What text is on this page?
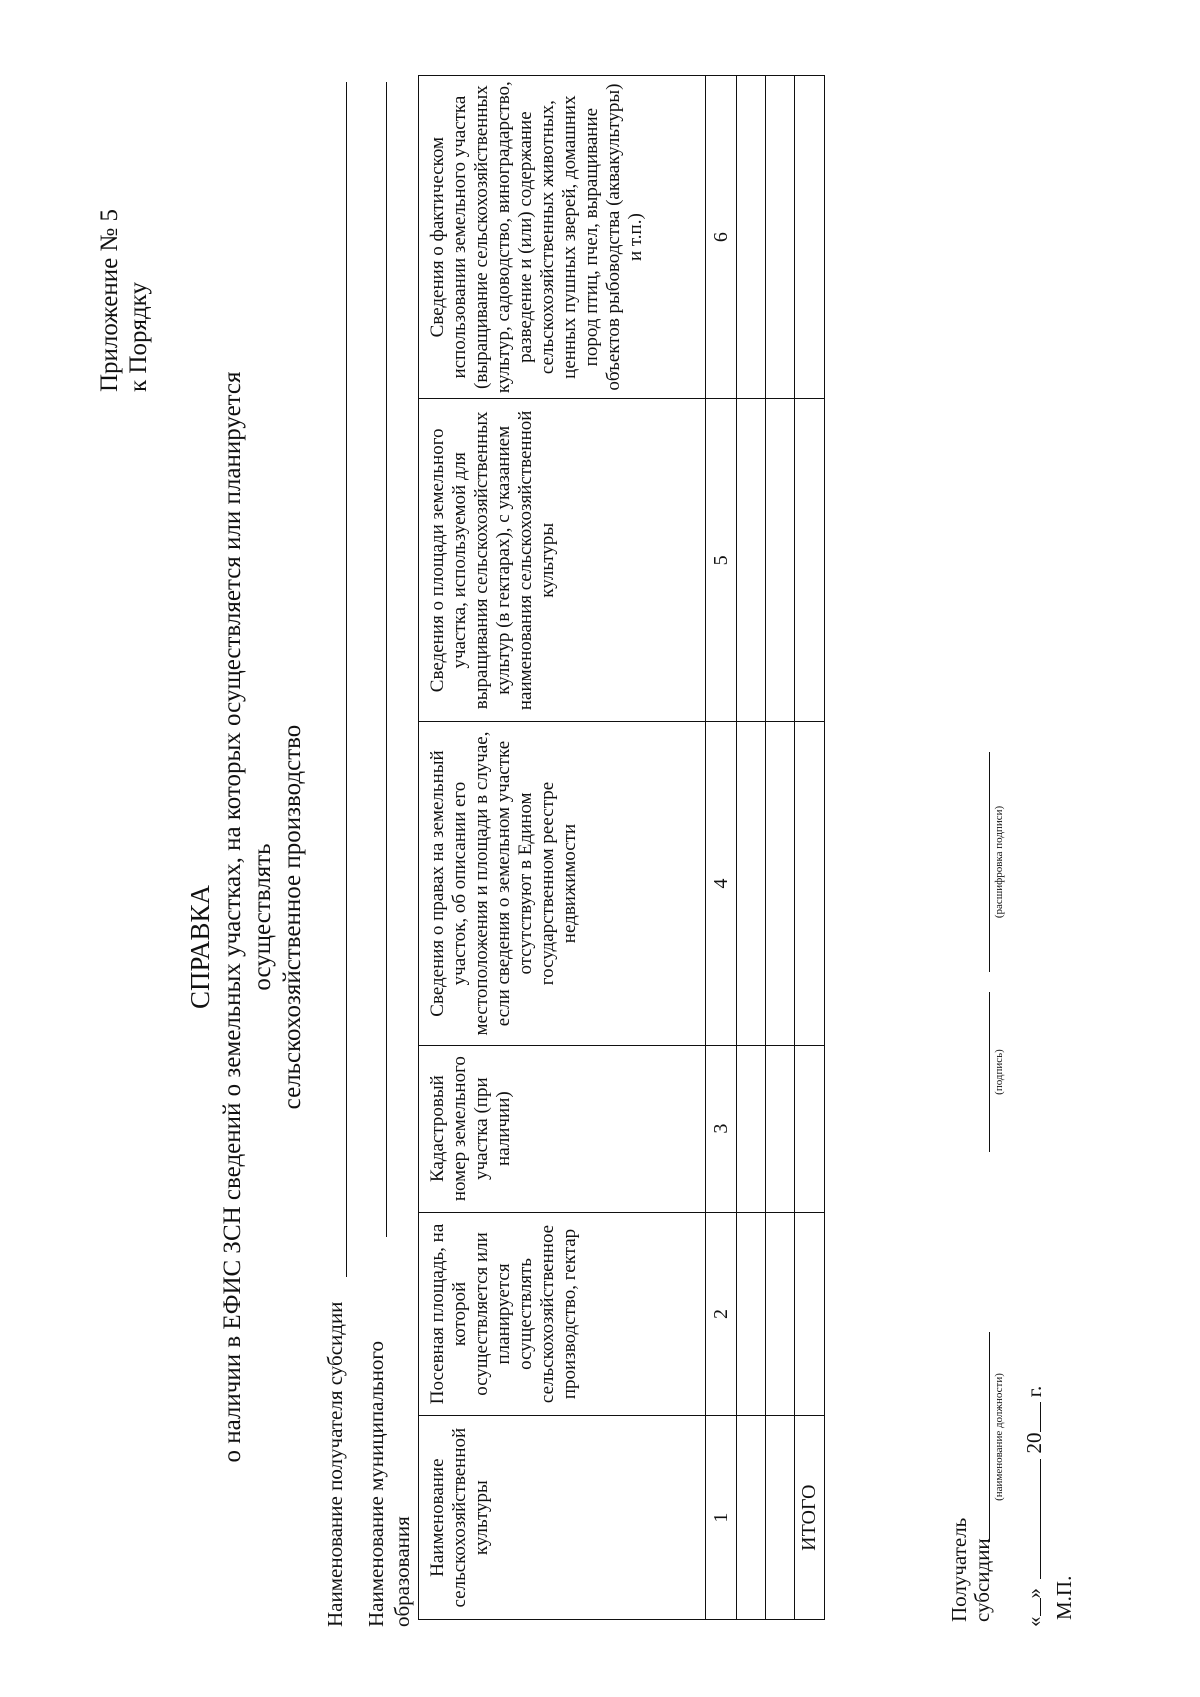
Приложение № 5 к Порядку
СПРАВКА о наличии в ЕФИС ЗСН сведений о земельных участках, на которых осуществляется или планируется осуществлять сельскохозяйственное производство
Наименование получателя субсидии Наименование муниципального образования Наименование сельскохозяйственной культуры	Посевная площадь, на которой осуществляется или планируется осуществлять сельскохозяйственное производство, гектар	Кадастровый номер земельного участка (при наличии)	Сведения о правах на земельный участок, об описании его местоположения и площади в случае, если сведения о земельном участке отсутствуют в Едином государственном реестре недвижимости	Сведения о площади земельного участка, используемой для выращивания сельскохозяйственных культур (в гектарах), с указанием наименования сельскохозяйственной культуры	Сведения о фактическом использовании земельного участка (выращивание сельскохозяйственных культур, садоводство, виноградарство, разведение и (или) содержание сельскохозяйственных животных, ценных пушных зверей, домашних пород птиц, пчел, выращивание объектов рыбоводства (аквакультуры) и т.п.)
1	2	3	4	5	6

ИТОГО					
Получатель субсидии
(наименование должности)
(подпись)
(расшифровка подписи)
«»  20 г.
М.П.
